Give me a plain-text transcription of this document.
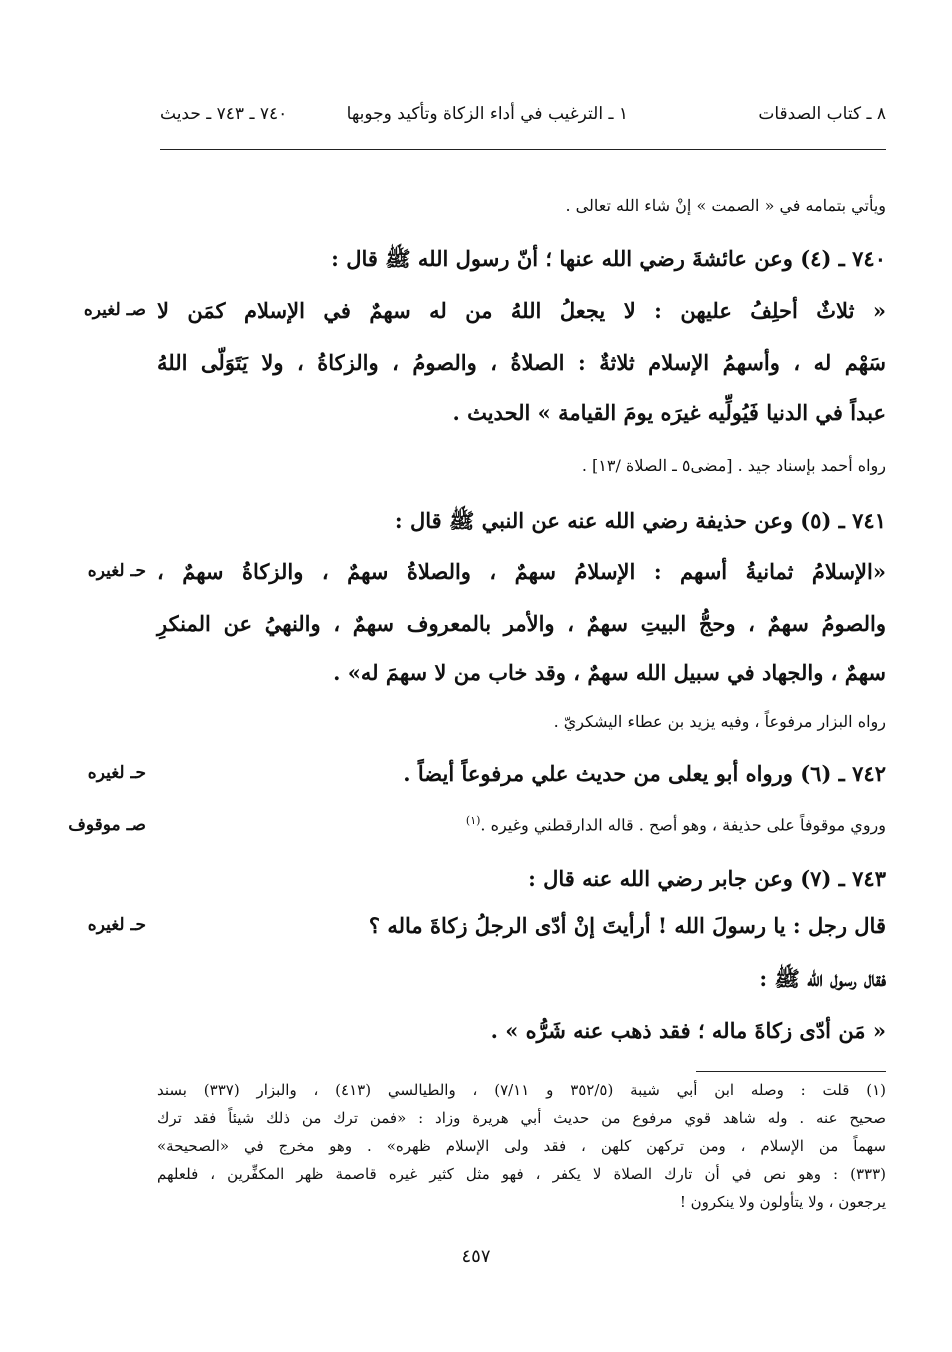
٨ ـ كتاب الصدقات
١ ـ الترغيب في أداء الزكاة وتأكيد وجوبها
٧٤٠ ـ ٧٤٣ ـ حديث
ويأتي بتمامه في « الصمت » إنْ شاء الله تعالى .
٧٤٠ ـ (٤) وعن عائشةَ رضي الله عنها ؛ أنّ رسول الله ﷺ قال :
« ثلاثٌ أحلِفُ عليهن : لا يجعلُ اللهُ من له سهمٌ في الإسلام كمَن لا
سَهْم له ، وأسهمُ الإسلام ثلاثةٌ : الصلاةُ ، والصومُ ، والزكاةُ ، ولا يَتَوَلّى اللهُ
عبداً في الدنيا فَيُولِّيه غيرَه يومَ القيامة » الحديث .
رواه أحمد بإسناد جيد . [مضى٥ ـ الصلاة /١٣] .
٧٤١ ـ (٥) وعن حذيفة رضي الله عنه عن النبي ﷺ قال :
«الإسلامُ ثمانيةُ أسهم : الإسلامُ سهمٌ ، والصلاةُ سهمٌ ، والزكاةُ سهمٌ ،
والصومُ سهمٌ ، وحجُّ البيتِ سهمٌ ، والأمر بالمعروف سهمٌ ، والنهيُ عن المنكرِ
سهمٌ ، والجهاد في سبيل الله سهمٌ ، وقد خاب من لا سهمَ له» .
رواه البزار مرفوعاً ، وفيه يزيد بن عطاء اليشكريّ .
٧٤٢ ـ (٦) ورواه أبو يعلى من حديث علي مرفوعاً أيضاً .
وروي موقوفاً على حذيفة ، وهو أصح . قاله الدارقطني وغيره .$^{(١)}$
٧٤٣ ـ (٧) وعن جابر رضي الله عنه قال :
قال رجل : يا رسولَ الله ! أرأيتَ إنْ أدّى الرجلُ زكاةَ ماله ؟
فقال رسول الله ﷺ :
« مَن أدّى زكاةَ ماله ؛ فقد ذهب عنه شَرُّه » .
صـ لغيره
حـ لغيره
حـ لغيره
صـ موقوف
حـ لغيره
(١) قلت : وصله ابن أبي شيبة (٣٥٢/٥ و ٧/١١) ، والطيالسي (٤١٣) ، والبزار (٣٣٧) بسند
صحيح عنه . وله شاهد قوي مرفوع من حديث أبي هريرة وزاد : «فمن ترك من ذلك شيئاً فقد ترك
سهماً من الإسلام ، ومن تركهن كلهن ، فقد ولى الإسلام ظهره» . وهو مخرج في «الصحيحة»
(٣٣٣) : وهو نص في أن تارك الصلاة لا يكفر ، فهو مثل كثير غيره قاصمة ظهر المكفِّرين ، فلعلهم
يرجعون ، ولا يتأولون ولا ينكرون !
٤٥٧
